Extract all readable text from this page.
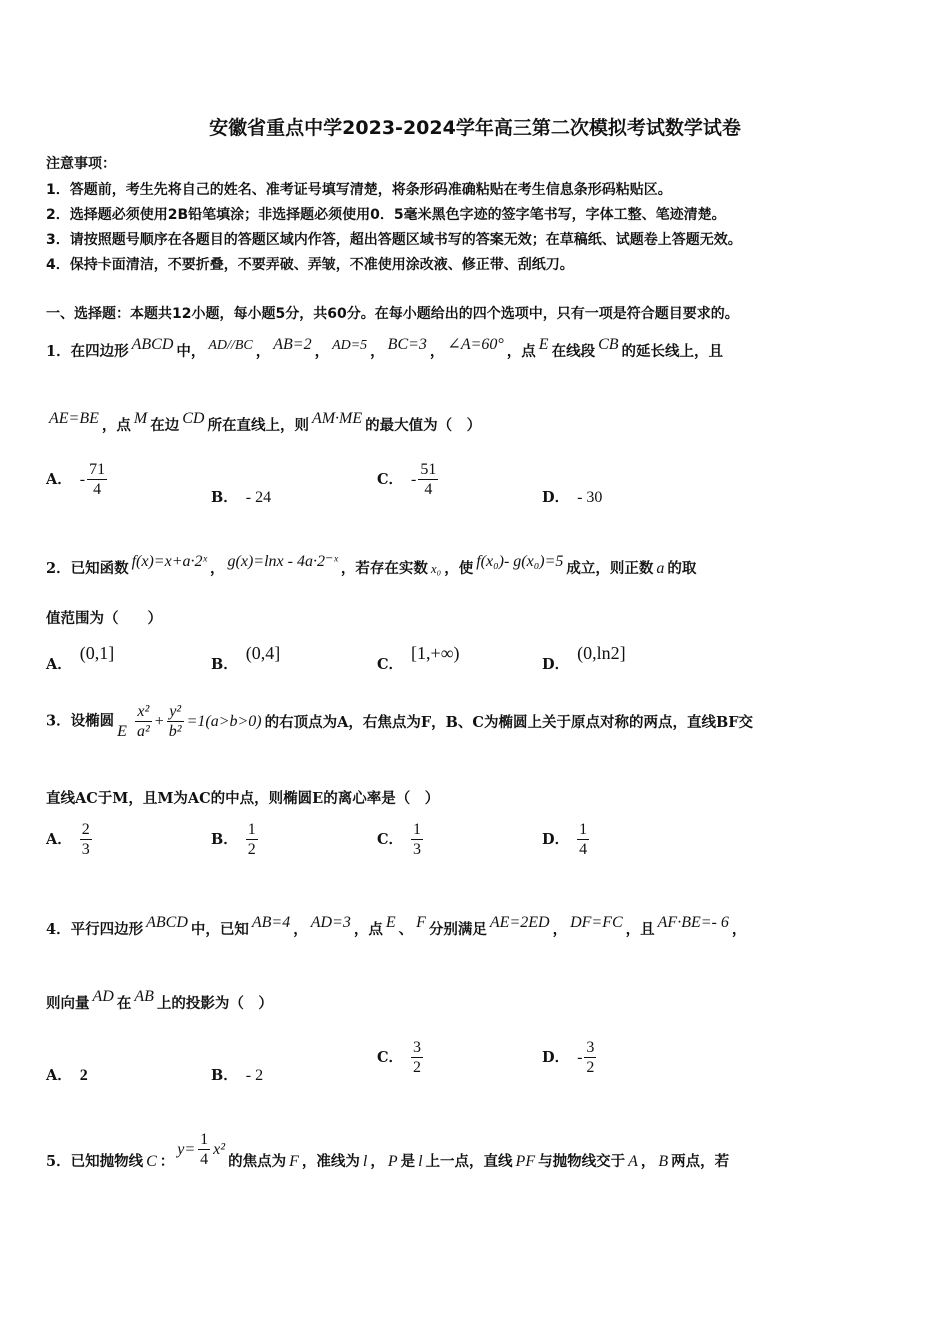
安徽省重点中学2023-2024学年高三第二次模拟考试数学试卷
注意事项：
1．答题前，考生先将自己的姓名、准考证号填写清楚，将条形码准确粘贴在考生信息条形码粘贴区。
2．选择题必须使用2B铅笔填涂；非选择题必须使用0．5毫米黑色字迹的签字笔书写，字体工整、笔迹清楚。
3．请按照题号顺序在各题目的答题区域内作答，超出答题区域书写的答案无效；在草稿纸、试题卷上答题无效。
4．保持卡面清洁，不要折叠，不要弄破、弄皱，不准使用涂改液、修正带、刮纸刀。
一、选择题：本题共12小题，每小题5分，共60分。在每小题给出的四个选项中，只有一项是符合题目要求的。
1．在四边形 ABCD 中， AD//BC ， AB=2 ， AD=5 ， BC=3 ， ∠A=60° ，点 E 在线段 CB 的延长线上，且
AE=BE ，点 M 在边 CD 所在直线上，则 AM·ME 的最大值为（　）
A． - $\frac{71}{4}$	B． - 24
C． - $\frac{51}{4}$	D． - 30
2．已知函数 f(x)=x+a·2ˣ ， g(x)=lnx - 4a·2⁻ˣ ，若存在实数 x₀ ，使 f(x₀)- g(x₀)=5 成立，则正数 a 的取
值范围为（　　）
A．(0,1]
B．(0,4]
C．[1,+∞)
D．(0,ln2]
3．设椭圆E $\frac{\text{x²}}{\text{a²}} + \frac{\text{y²}}{\text{b²}} =1(a>b>0)$ 的右顶点为A，右焦点为F，B、C为椭圆上关于原点对称的两点，直线BF交
直线AC于M，且M为AC的中点，则椭圆E的离心率是（　）
A． $\frac{2}{3}$	B． $\frac{1}{2}$	C． $\frac{1}{3}$	D． $\frac{1}{4}$
4．平行四边形 ABCD 中，已知 AB=4 ， AD=3 ，点 E 、 F 分别满足 AE=2ED ， DF=FC ，且 AF·BE=- 6 ，
则向量 AD 在 AB 上的投影为（　）
A． 2	B． - 2
C． $\frac{3}{2}$	D． - $\frac{3}{2}$
5．已知抛物线 C ：$y= \frac{1}{4} x^2$的焦点为 F ，准线为 l ， P 是 l 上一点，直线 PF 与抛物线交于 A ， B 两点，若
